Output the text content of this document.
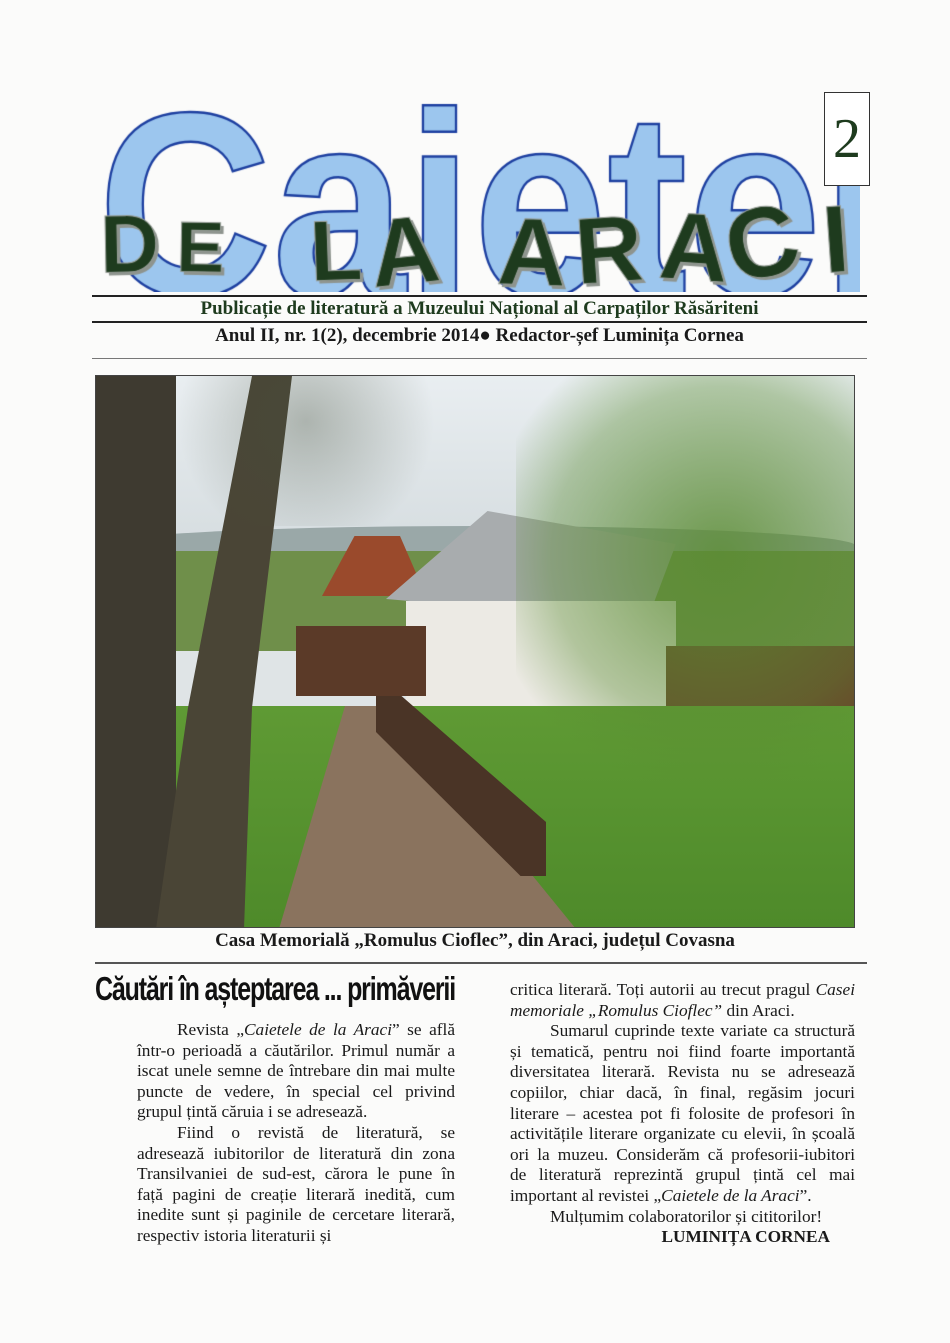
2
Publicație de literatură a Muzeului Național al Carpaților Răsăriteni
Anul II, nr. 1(2), decembrie 2014● Redactor-șef Luminița Cornea
Casa Memorială „Romulus Cioflec”, din Araci, județul Covasna
Căutări în așteptarea ... primăverii

Revista „Caietele de la Araci” se află într-o perioadă a căutărilor. Primul număr a iscat unele semne de întrebare din mai multe puncte de vedere, în special cel privind grupul țintă căruia i se adresează.

Fiind o revistă de literatură, se adresează iubitorilor de literatură din zona Transilvaniei de sud-est, cărora le pune în față pagini de creație literară inedită, cum inedite sunt și paginile de cercetare literară, respectiv istoria literaturii și

critica literară. Toți autorii au trecut pragul Casei memoriale „Romulus Cioflec” din Araci.

Sumarul cuprinde texte variate ca structură și tematică, pentru noi fiind foarte importantă diversitatea literară. Revista nu se adresează copiilor, chiar dacă, în final, regăsim jocuri literare – acestea pot fi folosite de profesori în activitățile literare organizate cu elevii, în școală ori la muzeu. Considerăm că profesorii-iubitori de literatură reprezintă grupul țintă cel mai important al revistei „Caietele de la Araci”.

Mulțumim colaboratorilor și cititorilor!

LUMINIȚA CORNEA
